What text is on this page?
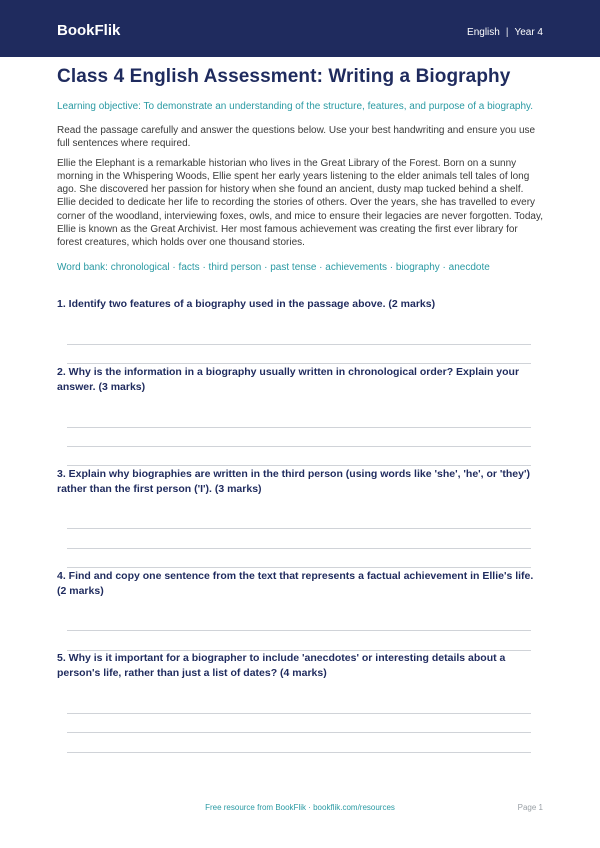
BookFlik	English | Year 4
Class 4 English Assessment: Writing a Biography
Learning objective: To demonstrate an understanding of the structure, features, and purpose of a biography.

Read the passage carefully and answer the questions below. Use your best handwriting and ensure you use full sentences where required.

Ellie the Elephant is a remarkable historian who lives in the Great Library of the Forest. Born on a sunny morning in the Whispering Woods, Ellie spent her early years listening to the elder animals tell tales of long ago. She discovered her passion for history when she found an ancient, dusty map tucked behind a shelf. Ellie decided to dedicate her life to recording the stories of others. Over the years, she has travelled to every corner of the woodland, interviewing foxes, owls, and mice to ensure their legacies are never forgotten. Today, Ellie is known as the Great Archivist. Her most famous achievement was creating the first ever library for forest creatures, which holds over one thousand stories.

Word bank: chronological · facts · third person · past tense · achievements · biography · anecdote

1. Identify two features of a biography used in the passage above. (2 marks)

2. Why is the information in a biography usually written in chronological order? Explain your answer. (3 marks)

3. Explain why biographies are written in the third person (using words like 'she', 'he', or 'they') rather than the first person ('I'). (3 marks)

4. Find and copy one sentence from the text that represents a factual achievement in Ellie's life. (2 marks)

5. Why is it important for a biographer to include 'anecdotes' or interesting details about a person's life, rather than just a list of dates? (4 marks)

Free resource from BookFlik · bookflik.com/resources	Page 1
